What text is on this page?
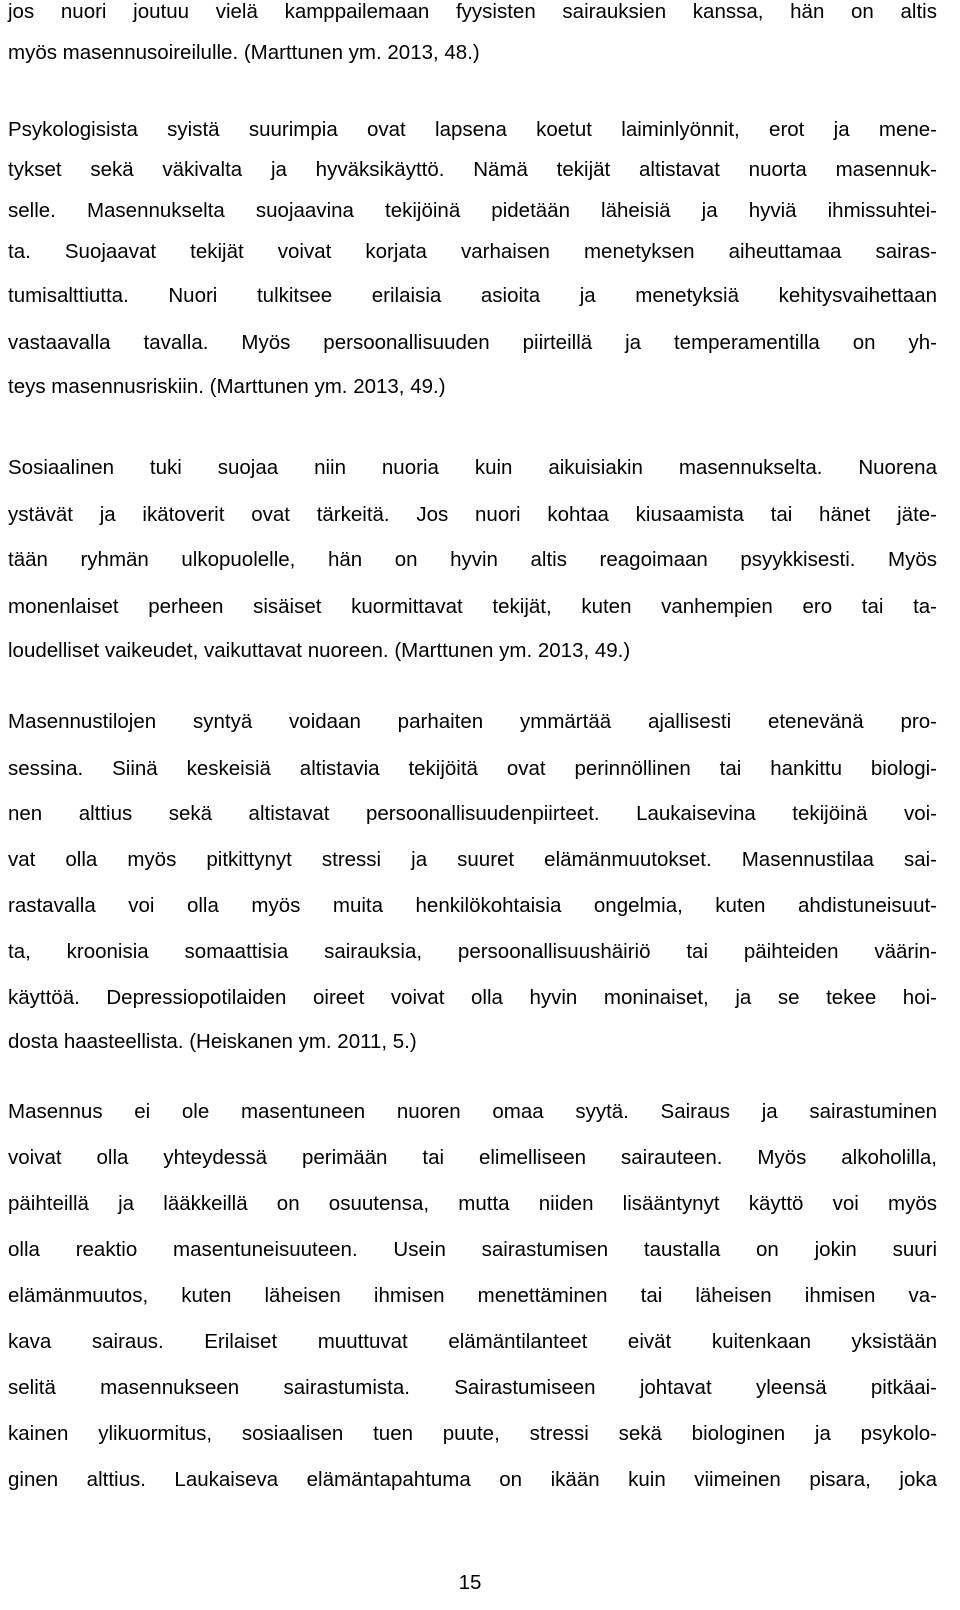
jos nuori joutuu vielä kamppailemaan fyysisten sairauksien kanssa, hän on altis
myös masennusoireilulle. (Marttunen ym. 2013, 48.)
Psykologisista syistä suurimpia ovat lapsena koetut laiminlyönnit, erot ja mene-
tykset sekä väkivalta ja hyväksikäyttö. Nämä tekijät altistavat nuorta masennuk-
selle. Masennukselta suojaavina tekijöinä pidetään läheisiä ja hyviä ihmissuhtei-
ta. Suojaavat tekijät voivat korjata varhaisen menetyksen aiheuttamaa sairas-
tumisalttiutta. Nuori tulkitsee erilaisia asioita ja menetyksiä kehitysvaihettaan
vastaavalla tavalla. Myös persoonallisuuden piirteillä ja temperamentilla on yh-
teys masennusriskiin. (Marttunen ym. 2013, 49.)
Sosiaalinen tuki suojaa niin nuoria kuin aikuisiakin masennukselta. Nuorena
ystävät ja ikätoverit ovat tärkeitä. Jos nuori kohtaa kiusaamista tai hänet jäte-
tään ryhmän ulkopuolelle, hän on hyvin altis reagoimaan psyykkisesti. Myös
monenlaiset perheen sisäiset kuormittavat tekijät, kuten vanhempien ero tai ta-
loudelliset vaikeudet, vaikuttavat nuoreen. (Marttunen ym. 2013, 49.)
Masennustilojen syntyä voidaan parhaiten ymmärtää ajallisesti etenevänä pro-
sessina. Siinä keskeisiä altistavia tekijöitä ovat perinnöllinen tai hankittu biologi-
nen alttius sekä altistavat persoonallisuudenpiirteet. Laukaisevina tekijöinä voi-
vat olla myös pitkittynyt stressi ja suuret elämänmuutokset. Masennustilaa sai-
rastavalla voi olla myös muita henkilökohtaisia ongelmia, kuten ahdistuneisuut-
ta, kroonisia somaattisia sairauksia, persoonallisuushäiriö tai päihteiden väärin-
käyttöä. Depressiopotilaiden oireet voivat olla hyvin moninaiset, ja se tekee hoi-
dosta haasteellista. (Heiskanen ym. 2011, 5.)
Masennus ei ole masentuneen nuoren omaa syytä. Sairaus ja sairastuminen
voivat olla yhteydessä perimään tai elimelliseen sairauteen. Myös alkoholilla,
päihteillä ja lääkkeillä on osuutensa, mutta niiden lisääntynyt käyttö voi myös
olla reaktio masentuneisuuteen. Usein sairastumisen taustalla on jokin suuri
elämänmuutos, kuten läheisen ihmisen menettäminen tai läheisen ihmisen va-
kava sairaus. Erilaiset muuttuvat elämäntilanteet eivät kuitenkaan yksistään
selitä masennukseen sairastumista. Sairastumiseen johtavat yleensä pitkäai-
kainen ylikuormitus, sosiaalisen tuen puute, stressi sekä biologinen ja psykolo-
ginen alttius. Laukaiseva elämäntapahtuma on ikään kuin viimeinen pisara, joka
15
